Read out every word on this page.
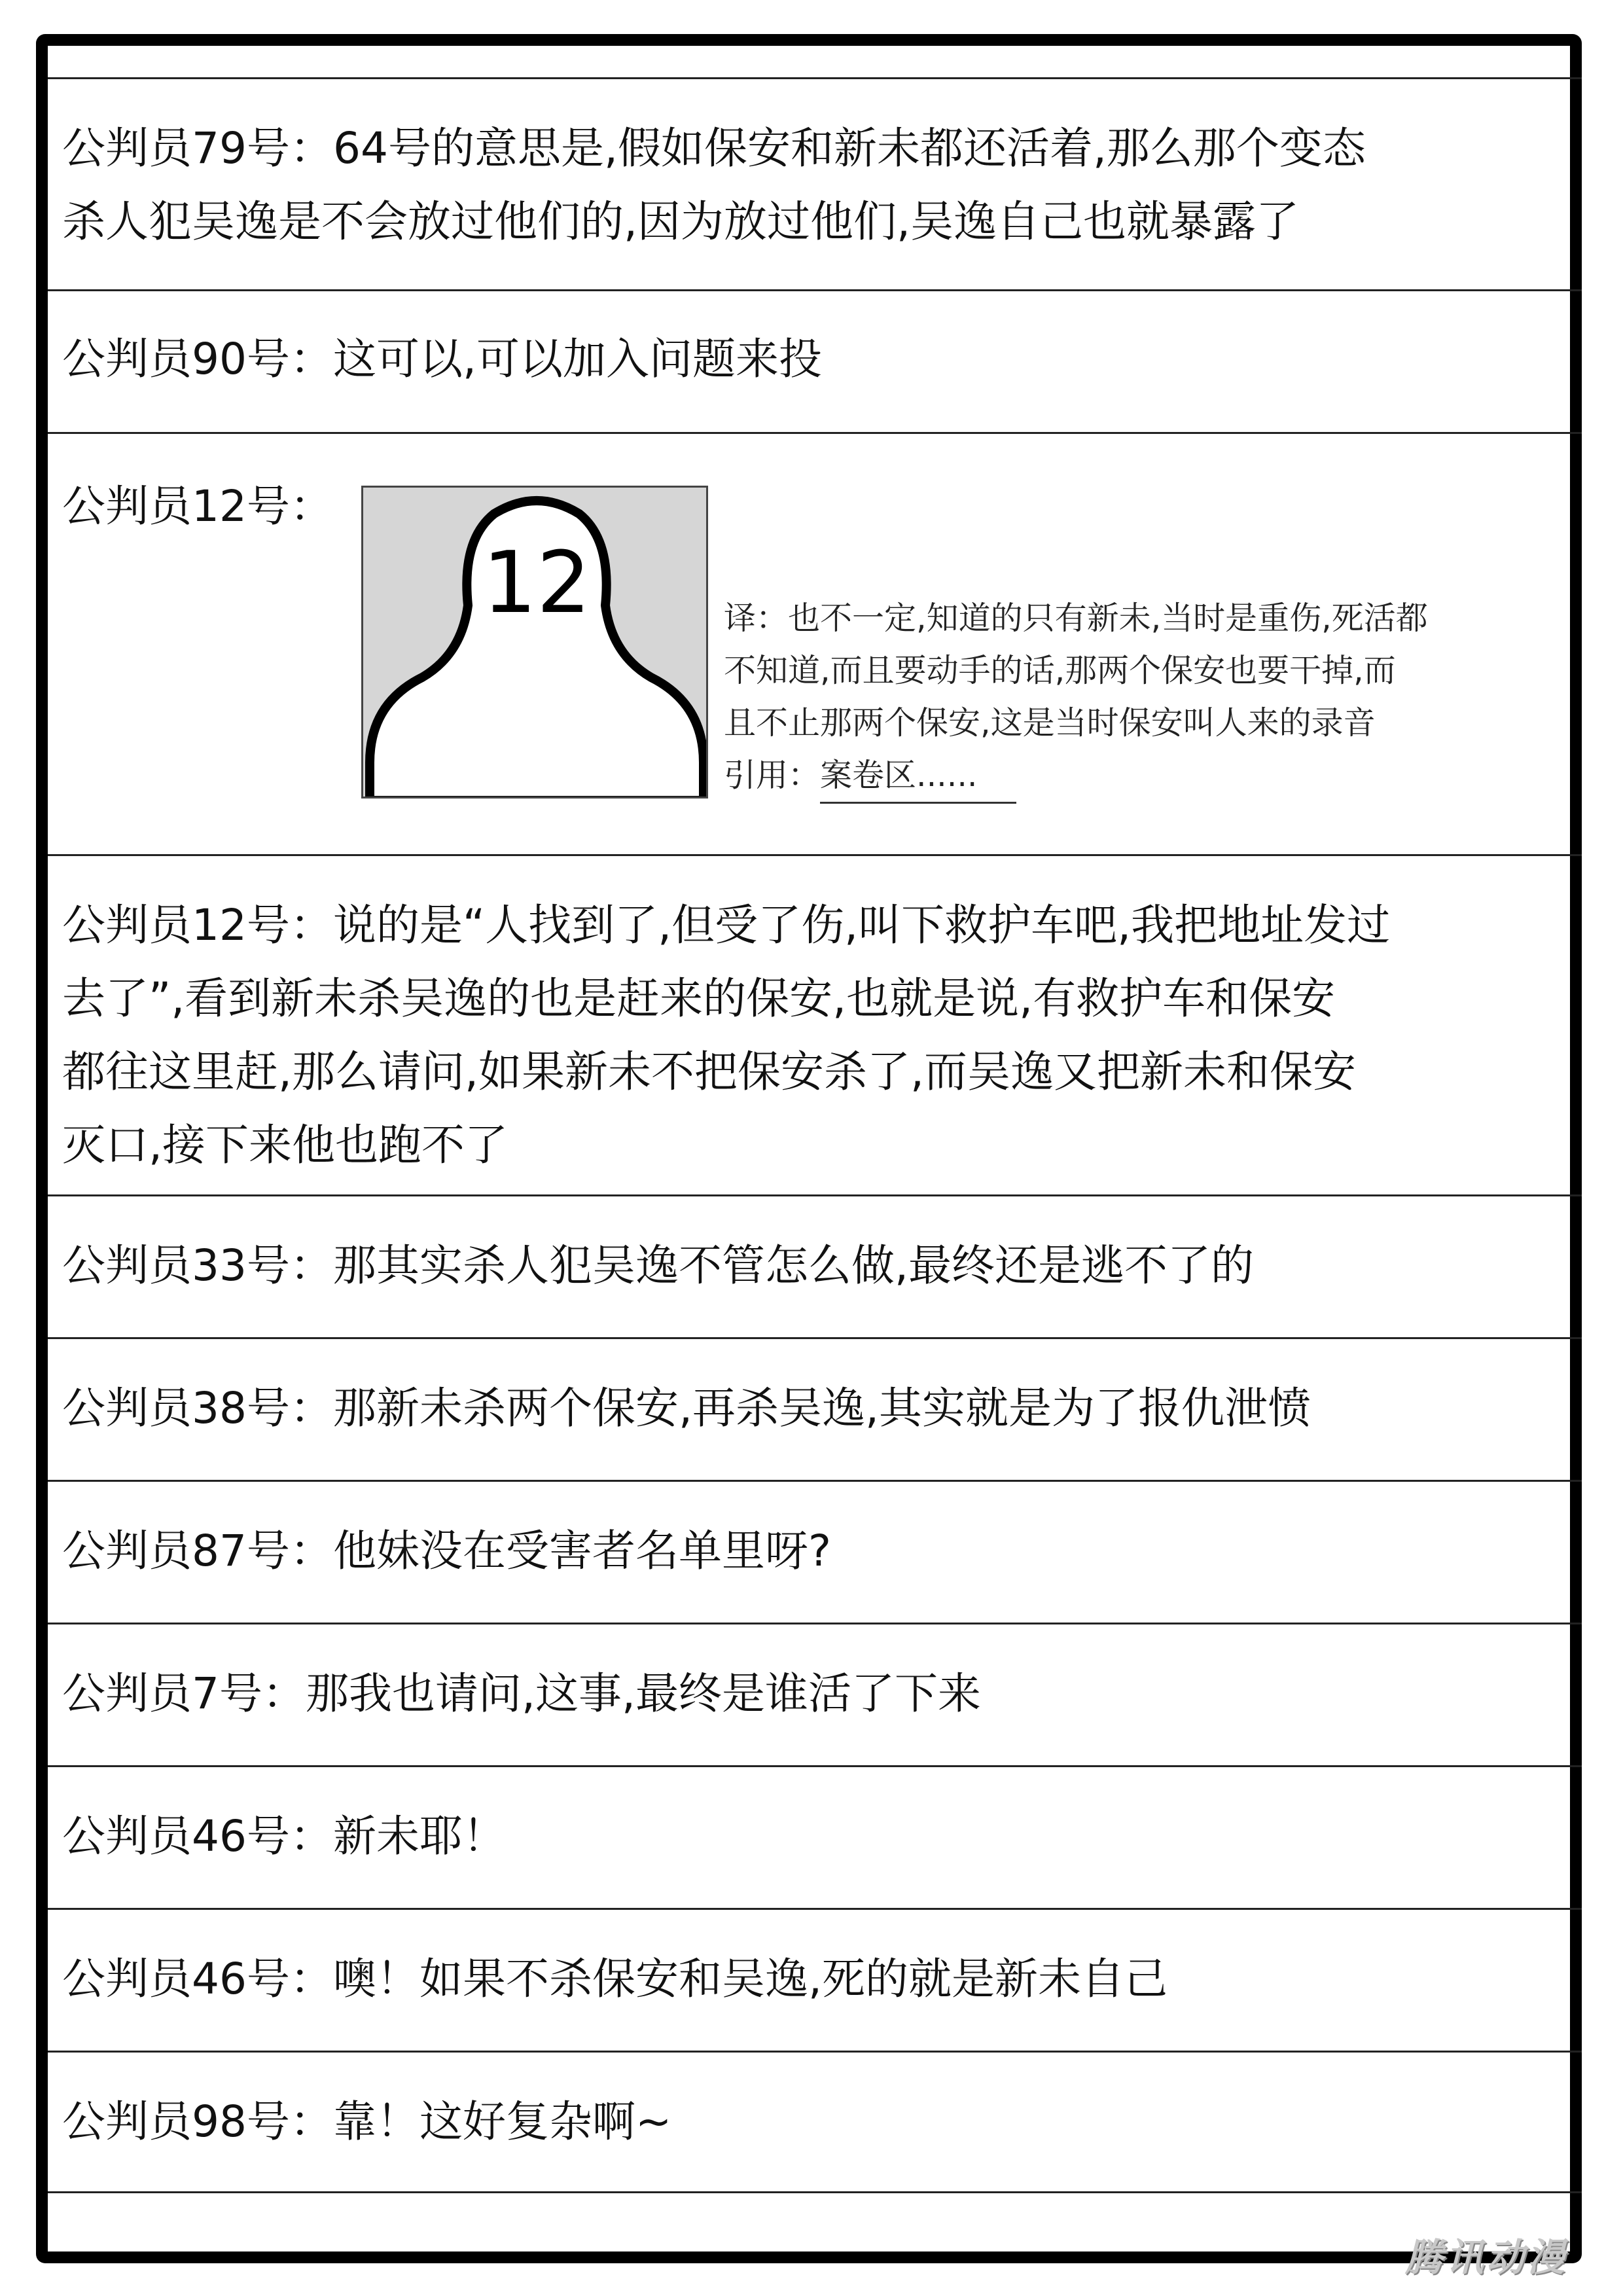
公判员79号：64号的意思是,假如保安和新未都还活着,那么那个变态
杀人犯吴逸是不会放过他们的,因为放过他们,吴逸自己也就暴露了
公判员90号：这可以,可以加入问题来投
公判员12号：
12	译：也不一定,知道的只有新未,当时是重伤,死活都
不知道,而且要动手的话,那两个保安也要干掉,而
且不止那两个保安,这是当时保安叫人来的录音
引用：案卷区......
公判员12号：说的是“人找到了,但受了伤,叫下救护车吧,我把地址发过
去了”,看到新未杀吴逸的也是赶来的保安,也就是说,有救护车和保安
都往这里赶,那么请问,如果新未不把保安杀了,而吴逸又把新未和保安
灭口,接下来他也跑不了
公判员33号：那其实杀人犯吴逸不管怎么做,最终还是逃不了的
公判员38号：那新未杀两个保安,再杀吴逸,其实就是为了报仇泄愤
公判员87号：他妹没在受害者名单里呀?
公判员7号：那我也请问,这事,最终是谁活了下来
公判员46号：新未耶！
公判员46号：噢！如果不杀保安和吴逸,死的就是新未自己
公判员98号：靠！这好复杂啊~
腾讯动漫
